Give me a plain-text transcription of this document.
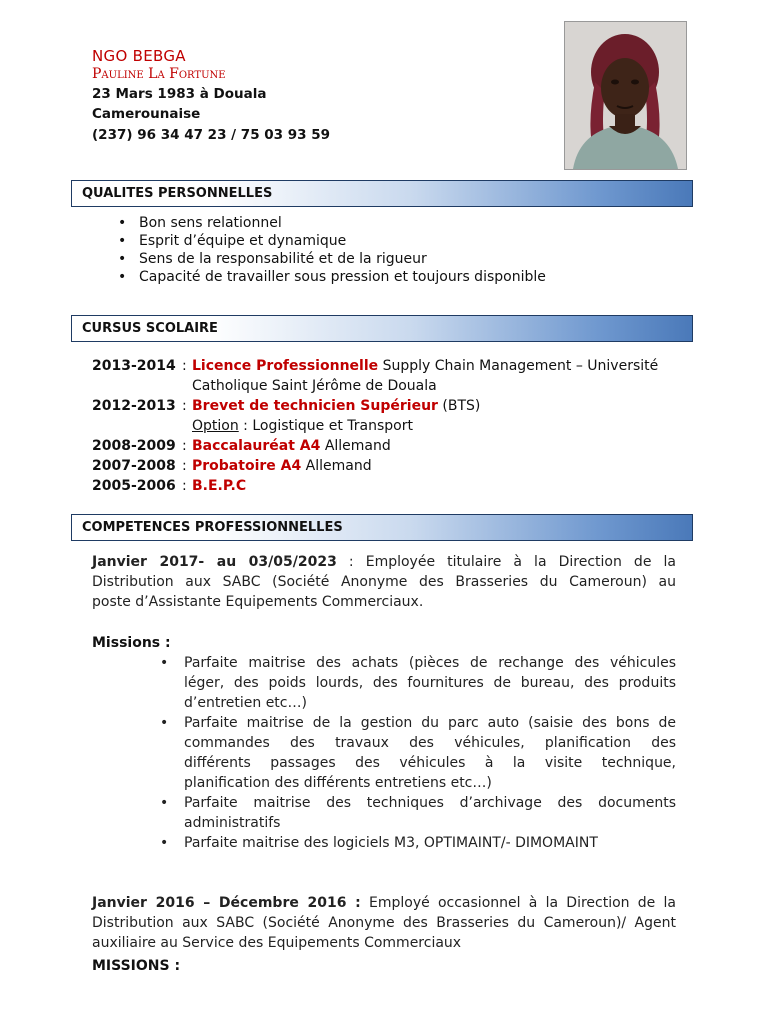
NGO BEBGA
Pauline La Fortune
23 Mars 1983 à Douala
Camerounaise
(237) 96 34 47 23 / 75 03 93 59
QUALITES PERSONNELLES
• Bon sens relationnel
• Esprit d’équipe et dynamique
• Sens de la responsabilité et de la rigueur
• Capacité de travailler sous pression et toujours disponible
CURSUS SCOLAIRE
2013-2014 : Licence Professionnelle Supply Chain Management – Université
Catholique Saint Jérôme de Douala
2012-2013 : Brevet de technicien Supérieur (BTS)
Option : Logistique et Transport
2008-2009 : Baccalauréat A4 Allemand
2007-2008 : Probatoire A4 Allemand
2005-2006 : B.E.P.C
COMPETENCES PROFESSIONNELLES
Janvier 2017- au 03/05/2023 : Employée titulaire à la Direction de la
Distribution aux SABC (Société Anonyme des Brasseries du Cameroun) au
poste d’Assistante Equipements Commerciaux.
Missions :
• Parfaite maitrise des achats (pièces de rechange des véhicules
léger, des poids lourds, des fournitures de bureau, des produits
d’entretien etc…)
• Parfaite maitrise de la gestion du parc auto (saisie des bons de
commandes des travaux des véhicules, planification des
différents passages des véhicules à la visite technique,
planification des différents entretiens etc…)
• Parfaite maitrise des techniques d’archivage des documents
administratifs
• Parfaite maitrise des logiciels M3, OPTIMAINT/- DIMOMAINT
Janvier 2016 – Décembre 2016 : Employé occasionnel à la Direction de la
Distribution aux SABC (Société Anonyme des Brasseries du Cameroun)/ Agent
auxiliaire au Service des Equipements Commerciaux
MISSIONS :
